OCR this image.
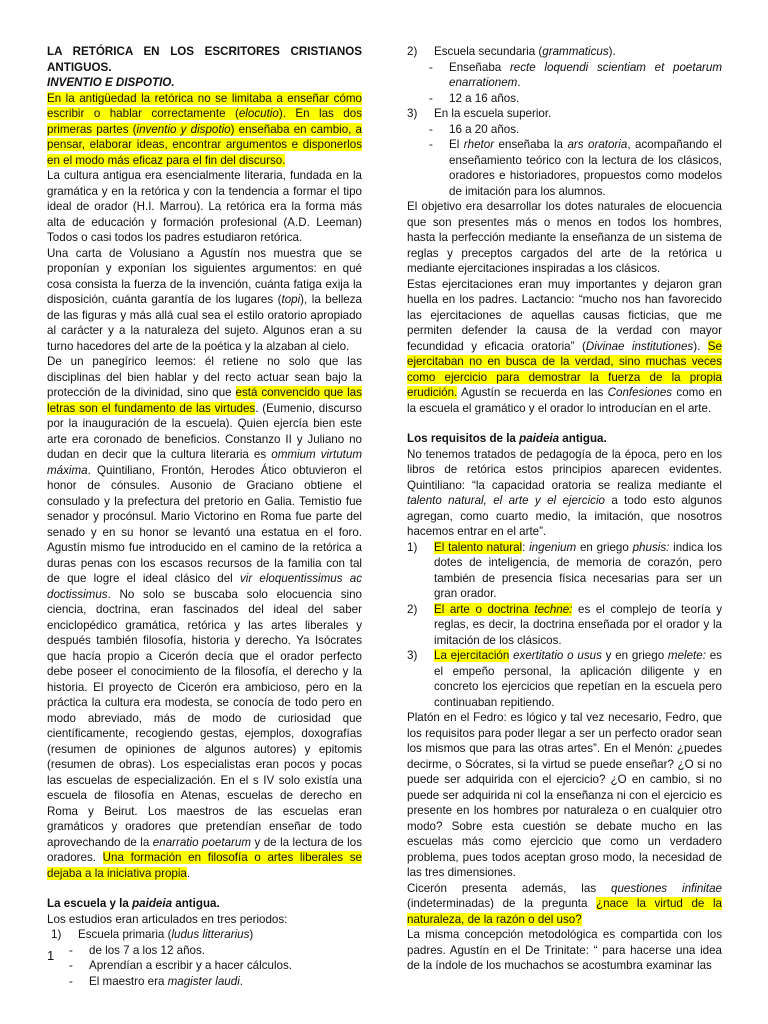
LA RETÓRICA EN LOS ESCRITORES CRISTIANOS ANTIGUOS.

INVENTIO E DISPOTIO.

En la antigüedad la retórica no se limitaba a enseñar cómo escribir o hablar correctamente (elocutio). En las dos primeras partes (inventio y dispotio) enseñaba en cambio, a pensar, elaborar ideas, encontrar argumentos e disponerlos en el modo más eficaz para el fin del discurso.

La cultura antigua era esencialmente literaria, fundada en la gramática y en la retórica y con la tendencia a formar el tipo ideal de orador (H.I. Marrou). La retórica era la forma más alta de educación y formación profesional (A.D. Leeman) Todos o casi todos los padres estudiaron retórica.

Una carta de Volusiano a Agustín nos muestra que se proponían y exponían los siguientes argumentos: en qué cosa consista la fuerza de la invención, cuánta fatiga exija la disposición, cuánta garantía de los lugares (topi), la belleza de las figuras y más allá cual sea el estilo oratorio apropiado al carácter y a la naturaleza del sujeto. Algunos eran a su turno hacedores del arte de la poética y la alzaban al cielo.

De un panegírico leemos: él retiene no solo que las disciplinas del bien hablar y del recto actuar sean bajo la protección de la divinidad, sino que está convencido que las letras son el fundamento de las virtudes. (Eumenio, discurso por la inauguración de la escuela). Quien ejercía bien este arte era coronado de beneficios. Constanzo II y Juliano no dudan en decir que la cultura literaria es ommium virtutum máxima. Quintiliano, Frontón, Herodes Ático obtuvieron el honor de cónsules. Ausonio de Graciano obtiene el consulado y la prefectura del pretorio en Galia. Temistio fue senador y procónsul. Mario Victorino en Roma fue parte del senado y en su honor se levantó una estatua en el foro. Agustín mismo fue introducido en el camino de la retórica a duras penas con los escasos recursos de la familia con tal de que logre el ideal clásico del vir eloquentissimus ac doctissimus. No solo se buscaba solo elocuencia sino ciencia, doctrina, eran fascinados del ideal del saber enciclopédico gramática, retórica y las artes liberales y después también filosofía, historia y derecho. Ya Isócrates que hacía propio a Cicerón decía que el orador perfecto debe poseer el conocimiento de la filosofía, el derecho y la historia. El proyecto de Cicerón era ambicioso, pero en la práctica la cultura era modesta, se conocía de todo pero en modo abreviado, más de modo de curiosidad que científicamente, recogiendo gestas, ejemplos, doxografías (resumen de opiniones de algunos autores) y epitomis (resumen de obras). Los especialistas eran pocos y pocas las escuelas de especialización. En el s IV solo existía una escuela de filosofía en Atenas, escuelas de derecho en Roma y Beirut. Los maestros de las escuelas eran gramáticos y oradores que pretendían enseñar de todo aprovechando de la enarratio poetarum y de la lectura de los oradores. Una formación en filosofía o artes liberales se dejaba a la iniciativa propia.

La escuela y la paideia antigua.

Los estudios eran articulados en tres periodos:

1)	Escuela primaria (ludus litterarius)
-	de los 7 a los 12 años.
-	Aprendían a escribir y a hacer cálculos.
-	El maestro era magister laudi.
2)	Escuela secundaria (grammaticus).
-	Enseñaba recte loquendi scientiam et poetarum enarrationem.
-	12 a 16 años.
3)	En la escuela superior.
-	16 a 20 años.
-	El rhetor enseñaba la ars oratoria, acompañando el enseñamiento teórico con la lectura de los clásicos, oradores e historiadores, propuestos como modelos de imitación para los alumnos.

El objetivo era desarrollar los dotes naturales de elocuencia que son presentes más o menos en todos los hombres, hasta la perfección mediante la enseñanza de un sistema de reglas y preceptos cargados del arte de la retórica u mediante ejercitaciones inspiradas a los clásicos.

Estas ejercitaciones eran muy importantes y dejaron gran huella en los padres. Lactancio: “mucho nos han favorecido las ejercitaciones de aquellas causas ficticias, que me permiten defender la causa de la verdad con mayor fecundidad y eficacia oratoria” (Divinae institutiones). Se ejercitaban no en busca de la verdad, sino muchas veces como ejercicio para demostrar la fuerza de la propia erudición. Agustín se recuerda en las Confesiones como en la escuela el gramático y el orador lo introducían en el arte.

Los requisitos de la paideia antigua.

No tenemos tratados de pedagogía de la época, pero en los libros de retórica estos principios aparecen evidentes. Quintiliano: “la capacidad oratoria se realiza mediante el talento natural, el arte y el ejercicio a todo esto algunos agregan, como cuarto medio, la imitación, que nosotros hacemos entrar en el arte”.

1)	El talento natural: ingenium en griego phusis: indica los dotes de inteligencia, de memoria de corazón, pero también de presencia física necesarias para ser un gran orador.
2)	El arte o doctrina techne: es el complejo de teoría y reglas, es decir, la doctrina enseñada por el orador y la imitación de los clásicos.
3)	La ejercitación exertitatio o usus y en griego melete: es el empeño personal, la aplicación diligente y en concreto los ejercicios que repetían en la escuela pero continuaban repitiendo.

Platón en el Fedro: es lógico y tal vez necesario, Fedro, que los requisitos para poder llegar a ser un perfecto orador sean los mismos que para las otras artes”. En el Menón: ¿puedes decirme, o Sócrates, si la virtud se puede enseñar? ¿O si no puede ser adquirida con el ejercicio? ¿O en cambio, si no puede ser adquirida ni col la enseñanza ni con el ejercicio es presente en los hombres por naturaleza o en cualquier otro modo? Sobre esta cuestión se debate mucho en las escuelas más como ejercicio que como un verdadero problema, pues todos aceptan groso modo, la necesidad de las tres dimensiones.

Cicerón presenta además, las questiones infinitae (indeterminadas) de la pregunta ¿nace la virtud de la naturaleza, de la razón o del uso?

La misma concepción metodológica es compartida con los padres. Agustín en el De Trinitate: “ para hacerse una idea de la índole de los muchachos se acostumbra examinar las

1
